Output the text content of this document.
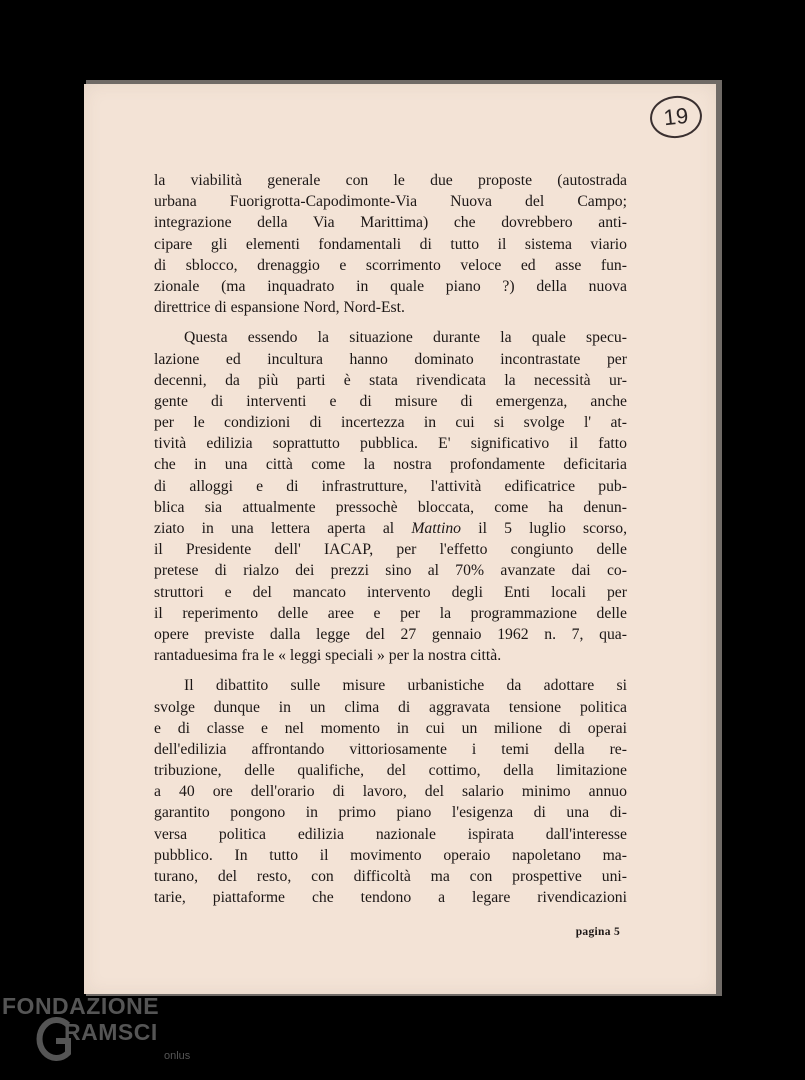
19
la viabilità generale con le due proposte (autostrada
urbana Fuorigrotta-Capodimonte-Via Nuova del Campo;
integrazione della Via Marittima) che dovrebbero anti-
cipare gli elementi fondamentali di tutto il sistema viario
di sblocco, drenaggio e scorrimento veloce ed asse fun-
zionale (ma inquadrato in quale piano ?) della nuova
direttrice di espansione Nord, Nord-Est.
Questa essendo la situazione durante la quale specu-
lazione ed incultura hanno dominato incontrastate per
decenni, da più parti è stata rivendicata la necessità ur-
gente di interventi e di misure di emergenza, anche
per le condizioni di incertezza in cui si svolge l' at-
tività edilizia soprattutto pubblica. E' significativo il fatto
che in una città come la nostra profondamente deficitaria
di alloggi e di infrastrutture, l'attività edificatrice pub-
blica sia attualmente pressochè bloccata, come ha denun-
ziato in una lettera aperta al Mattino il 5 luglio scorso,
il Presidente dell' IACAP, per l'effetto congiunto delle
pretese di rialzo dei prezzi sino al 70% avanzate dai co-
struttori e del mancato intervento degli Enti locali per
il reperimento delle aree e per la programmazione delle
opere previste dalla legge del 27 gennaio 1962 n. 7, qua-
rantaduesima fra le « leggi speciali » per la nostra città.
Il dibattito sulle misure urbanistiche da adottare si
svolge dunque in un clima di aggravata tensione politica
e di classe e nel momento in cui un milione di operai
dell'edilizia affrontando vittoriosamente i temi della re-
tribuzione, delle qualifiche, del cottimo, della limitazione
a 40 ore dell'orario di lavoro, del salario minimo annuo
garantito pongono in primo piano l'esigenza di una di-
versa politica edilizia nazionale ispirata dall'interesse
pubblico. In tutto il movimento operaio napoletano ma-
turano, del resto, con difficoltà ma con prospettive uni-
tarie, piattaforme che tendono a legare rivendicazioni
pagina 5
FONDAZIONE
RAMSCI
onlus
